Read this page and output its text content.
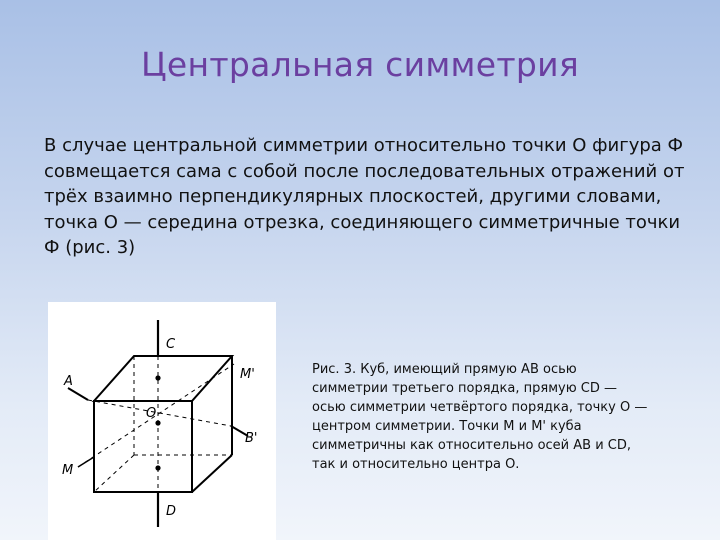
Центральная симметрия

В случае центральной симметрии относительно точки О фигура Ф совмещается сама с собой после последовательных отражений от трёх взаимно перпендикулярных плоскостей, другими словами, точка О — середина отрезка, соединяющего симметричные точки Ф (рис. 3)

С
A	M'
O
B'
M
D

Рис. 3. Куб, имеющий прямую АВ осью симметрии третьего порядка, прямую CD — осью симметрии четвёртого порядка, точку О — центром симметрии. Точки М и М' куба симметричны как относительно осей АВ и CD, так и относительно центра О.
